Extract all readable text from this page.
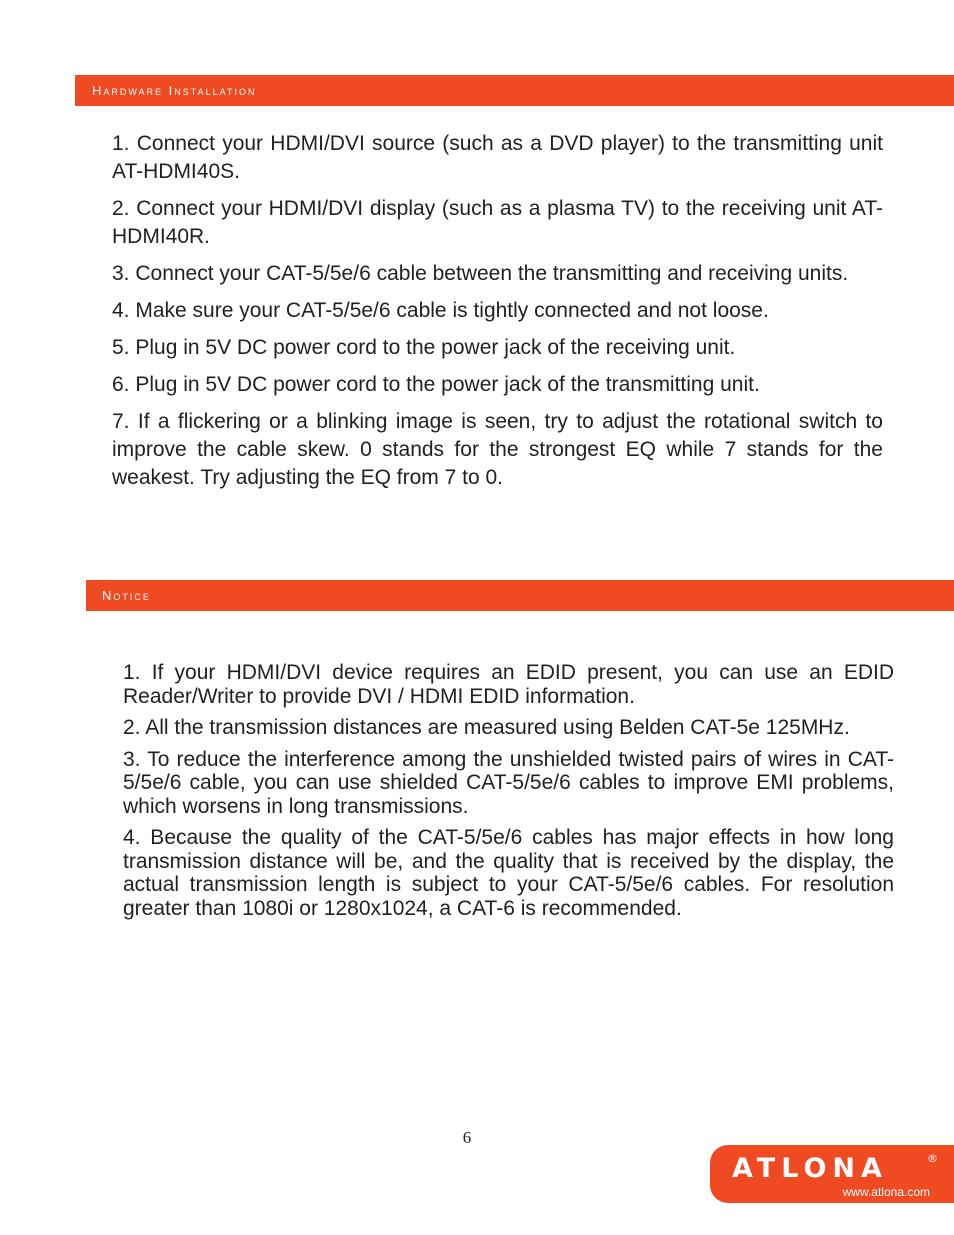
Hardware Installation
1. Connect your HDMI/DVI source (such as a DVD player) to the transmitting unit AT-HDMI40S.
2. Connect your HDMI/DVI display (such as a plasma TV) to the receiving unit AT-HDMI40R.
3. Connect your CAT-5/5e/6 cable between the transmitting and receiving units.
4. Make sure your CAT-5/5e/6 cable is tightly connected and not loose.
5. Plug in 5V DC power cord to the power jack of the receiving unit.
6. Plug in 5V DC power cord to the power jack of the transmitting unit.
7. If a flickering or a blinking image is seen, try to adjust the rotational switch to improve the cable skew. 0 stands for the strongest EQ while 7 stands for the weakest. Try adjusting the EQ from 7 to 0.
Notice
1. If your HDMI/DVI device requires an EDID present, you can use an EDID Reader/Writer to provide DVI / HDMI EDID information.
2. All the transmission distances are measured using Belden CAT-5e 125MHz.
3. To reduce the interference among the unshielded twisted pairs of wires in CAT-5/5e/6 cable, you can use shielded CAT-5/5e/6 cables to improve EMI problems, which worsens in long transmissions.
4. Because the quality of the CAT-5/5e/6 cables has major effects in how long transmission distance will be, and the quality that is received by the display, the actual transmission length is subject to your CAT-5/5e/6 cables. For resolution greater than 1080i or 1280x1024, a CAT-6 is recommended.
6
ATLONA	®
www.atlona.com
